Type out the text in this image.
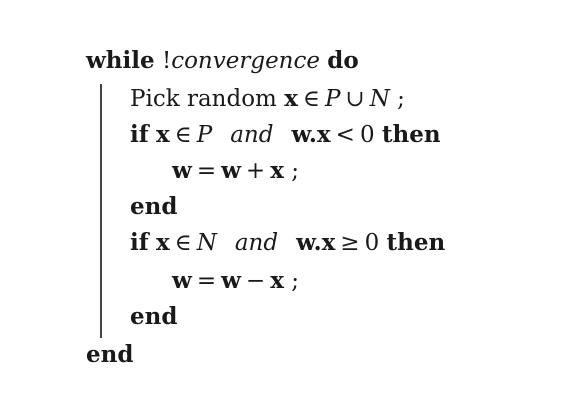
while !convergence do
Pick random x ∈ P ∪ N ;
if x ∈ P and w.x < 0 then
w = w + x ;
end
if x ∈ N and w.x ≥ 0 then
w = w − x ;
end
end
